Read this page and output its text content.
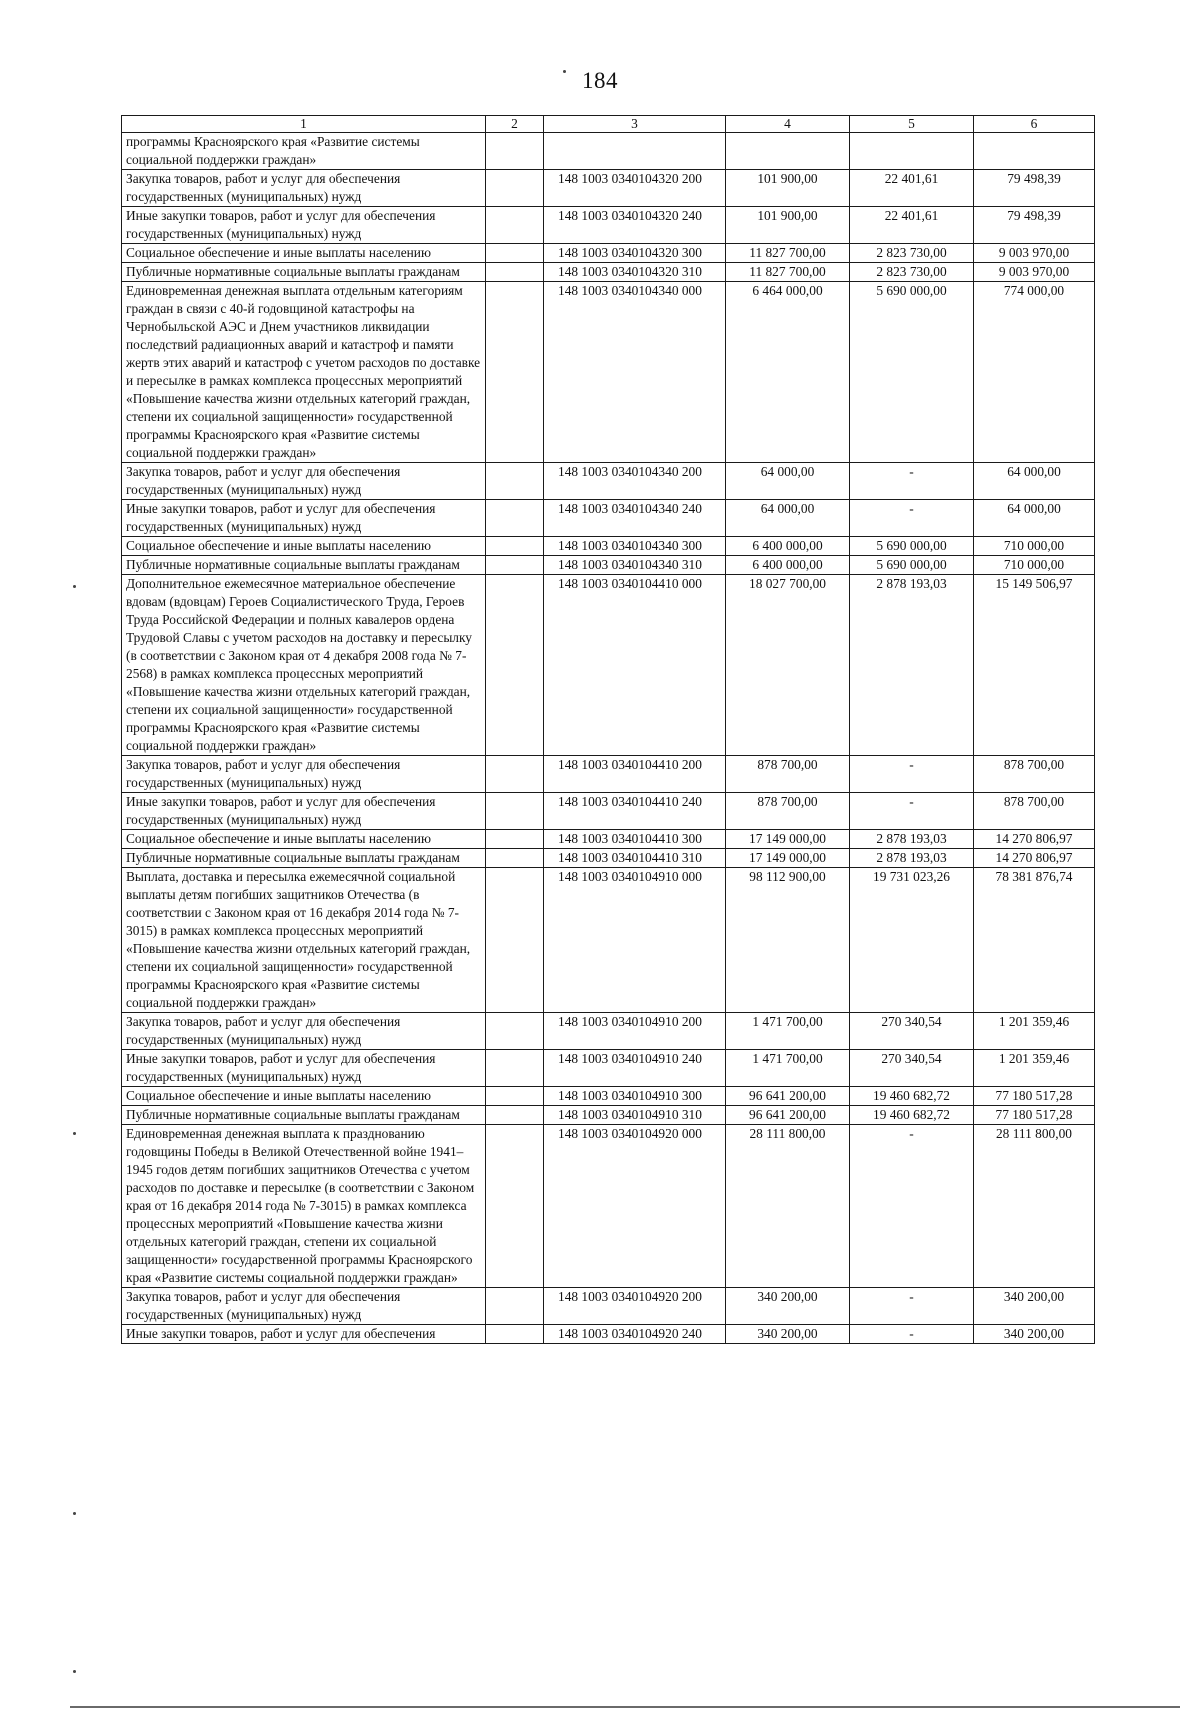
184
1	2	3	4	5	6
программы Красноярского края «Развитие системы социальной поддержки граждан»					
Закупка товаров, работ и услуг для обеспечения государственных (муниципальных) нужд		148 1003 0340104320 200	101 900,00	22 401,61	79 498,39
Иные закупки товаров, работ и услуг для обеспечения государственных (муниципальных) нужд		148 1003 0340104320 240	101 900,00	22 401,61	79 498,39
Социальное обеспечение и иные выплаты населению		148 1003 0340104320 300	11 827 700,00	2 823 730,00	9 003 970,00
Публичные нормативные социальные выплаты гражданам		148 1003 0340104320 310	11 827 700,00	2 823 730,00	9 003 970,00
Единовременная денежная выплата отдельным категориям граждан в связи с 40-й годовщиной катастрофы на Чернобыльской АЭС и Днем участников ликвидации последствий радиационных аварий и катастроф и памяти жертв этих аварий и катастроф с учетом расходов по доставке и пересылке в рамках комплекса процессных мероприятий «Повышение качества жизни отдельных категорий граждан, степени их социальной защищенности» государственной программы Красноярского края «Развитие системы социальной поддержки граждан»		148 1003 0340104340 000	6 464 000,00	5 690 000,00	774 000,00
Закупка товаров, работ и услуг для обеспечения государственных (муниципальных) нужд		148 1003 0340104340 200	64 000,00	-	64 000,00
Иные закупки товаров, работ и услуг для обеспечения государственных (муниципальных) нужд		148 1003 0340104340 240	64 000,00	-	64 000,00
Социальное обеспечение и иные выплаты населению		148 1003 0340104340 300	6 400 000,00	5 690 000,00	710 000,00
Публичные нормативные социальные выплаты гражданам		148 1003 0340104340 310	6 400 000,00	5 690 000,00	710 000,00
Дополнительное ежемесячное материальное обеспечение вдовам (вдовцам) Героев Социалистического Труда, Героев Труда Российской Федерации и полных кавалеров ордена Трудовой Славы с учетом расходов на доставку и пересылку (в соответствии с Законом края от 4 декабря 2008 года № 7-2568) в рамках комплекса процессных мероприятий «Повышение качества жизни отдельных категорий граждан, степени их социальной защищенности» государственной программы Красноярского края «Развитие системы социальной поддержки граждан»		148 1003 0340104410 000	18 027 700,00	2 878 193,03	15 149 506,97
Закупка товаров, работ и услуг для обеспечения государственных (муниципальных) нужд		148 1003 0340104410 200	878 700,00	-	878 700,00
Иные закупки товаров, работ и услуг для обеспечения государственных (муниципальных) нужд		148 1003 0340104410 240	878 700,00	-	878 700,00
Социальное обеспечение и иные выплаты населению		148 1003 0340104410 300	17 149 000,00	2 878 193,03	14 270 806,97
Публичные нормативные социальные выплаты гражданам		148 1003 0340104410 310	17 149 000,00	2 878 193,03	14 270 806,97
Выплата, доставка и пересылка ежемесячной социальной выплаты детям погибших защитников Отечества (в соответствии с Законом края от 16 декабря 2014 года № 7-3015) в рамках комплекса процессных мероприятий «Повышение качества жизни отдельных категорий граждан, степени их социальной защищенности» государственной программы Красноярского края «Развитие системы социальной поддержки граждан»		148 1003 0340104910 000	98 112 900,00	19 731 023,26	78 381 876,74
Закупка товаров, работ и услуг для обеспечения государственных (муниципальных) нужд		148 1003 0340104910 200	1 471 700,00	270 340,54	1 201 359,46
Иные закупки товаров, работ и услуг для обеспечения государственных (муниципальных) нужд		148 1003 0340104910 240	1 471 700,00	270 340,54	1 201 359,46
Социальное обеспечение и иные выплаты населению		148 1003 0340104910 300	96 641 200,00	19 460 682,72	77 180 517,28
Публичные нормативные социальные выплаты гражданам		148 1003 0340104910 310	96 641 200,00	19 460 682,72	77 180 517,28
Единовременная денежная выплата к празднованию годовщины Победы в Великой Отечественной войне 1941–1945 годов детям погибших защитников Отечества с учетом расходов по доставке и пересылке (в соответствии с Законом края от 16 декабря 2014 года № 7-3015) в рамках комплекса процессных мероприятий «Повышение качества жизни отдельных категорий граждан, степени их социальной защищенности» государственной программы Красноярского края «Развитие системы социальной поддержки граждан»		148 1003 0340104920 000	28 111 800,00	-	28 111 800,00
Закупка товаров, работ и услуг для обеспечения государственных (муниципальных) нужд		148 1003 0340104920 200	340 200,00	-	340 200,00
Иные закупки товаров, работ и услуг для обеспечения		148 1003 0340104920 240	340 200,00	-	340 200,00
